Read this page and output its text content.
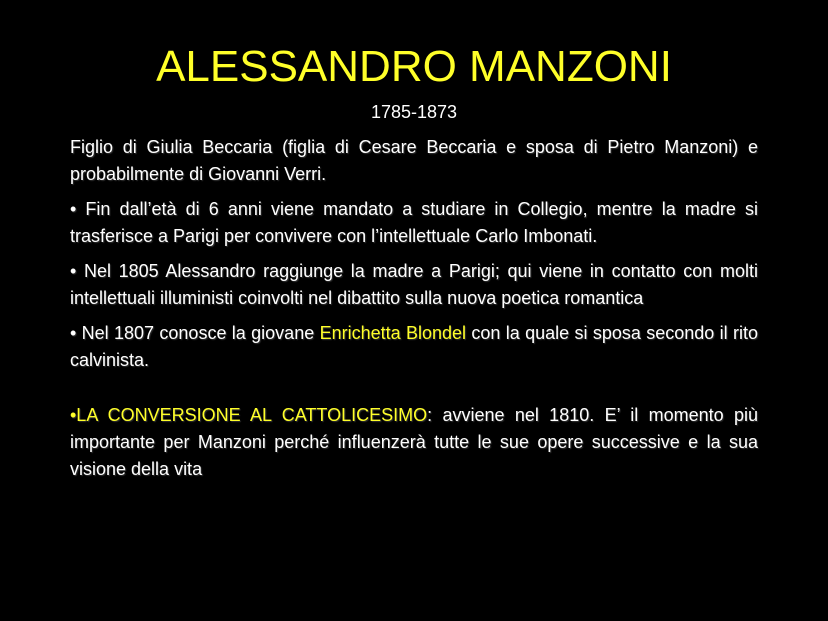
ALESSANDRO MANZONI
1785-1873

Figlio di Giulia Beccaria (figlia di Cesare Beccaria e sposa di Pietro Manzoni) e probabilmente di Giovanni Verri.

• Fin dall’età di 6 anni viene mandato a studiare in Collegio, mentre la madre si trasferisce a Parigi per convivere con l’intellettuale Carlo Imbonati.

• Nel 1805 Alessandro raggiunge la madre a Parigi; qui viene in contatto con molti intellettuali illuministi coinvolti nel dibattito sulla nuova poetica romantica

• Nel 1807 conosce la giovane Enrichetta Blondel con la quale si sposa secondo il rito calvinista.

•LA CONVERSIONE AL CATTOLICESIMO: avviene nel 1810. E’ il momento più importante per Manzoni perché influenzerà tutte le sue opere successive e la sua visione della vita
